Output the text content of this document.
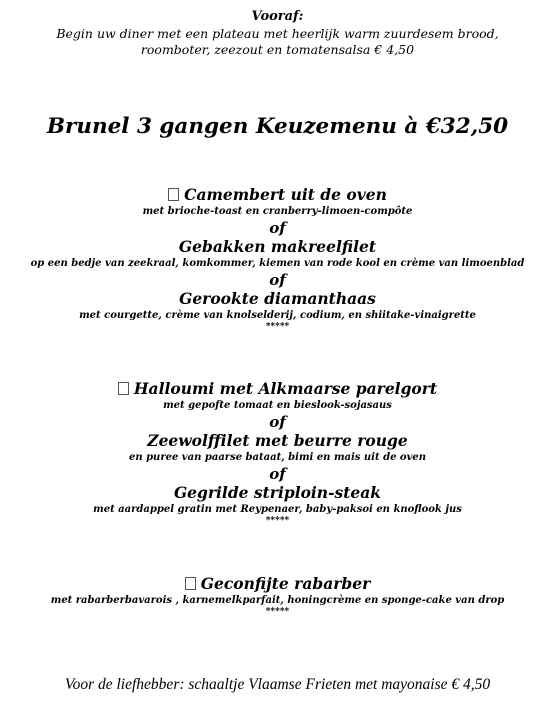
Vooraf:
Begin uw diner met een plateau met heerlijk warm zuurdesem brood,
roomboter, zeezout en tomatensalsa € 4,50
Brunel 3 gangen Keuzemenu à €32,50
Camembert uit de oven
met brioche-toast en cranberry-limoen-compôte
of
Gebakken makreelfilet
op een bedje van zeekraal, komkommer, kiemen van rode kool en crème van limoenblad
of
Gerookte diamanthaas
met courgette, crème van knolselderij, codium, en shiitake-vinaigrette
*****
Halloumi met Alkmaarse parelgort
met gepofte tomaat en bieslook-sojasaus
of
Zeewolffilet met beurre rouge
en puree van paarse bataat, bimi en mais uit de oven
of
Gegrilde striploin-steak
met aardappel gratin met Reypenaer, baby-paksoi en knoflook jus
*****
Geconfijte rabarber
met rabarberbavarois , karnemelkparfait, honingcrème en sponge-cake van drop
*****
Voor de liefhebber: schaaltje Vlaamse Frieten met mayonaise € 4,50
